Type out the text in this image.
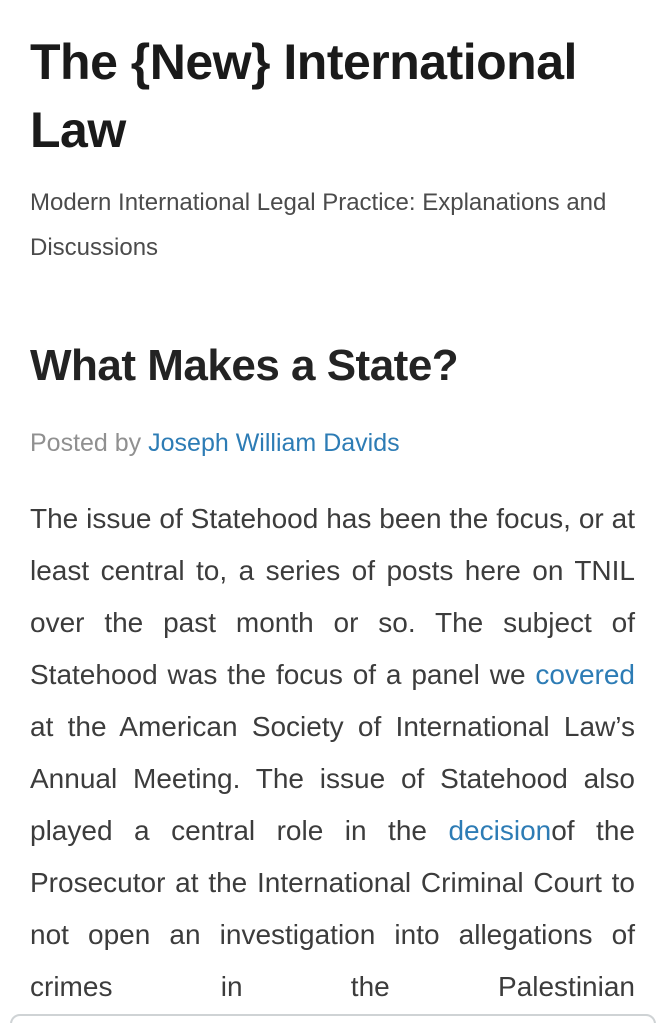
The {New} International Law

Modern International Legal Practice: Explanations and Discussions

What Makes a State?

Posted by Joseph William Davids

The issue of Statehood has been the focus, or at least central to, a series of posts here on TNIL over the past month or so. The subject of Statehood was the focus of a panel we covered at the American Society of International Law’s Annual Meeting. The issue of Statehood also played a central role in the decisionof the Prosecutor at the International Criminal Court to not open an investigation into allegations of crimes in the Palestinian
